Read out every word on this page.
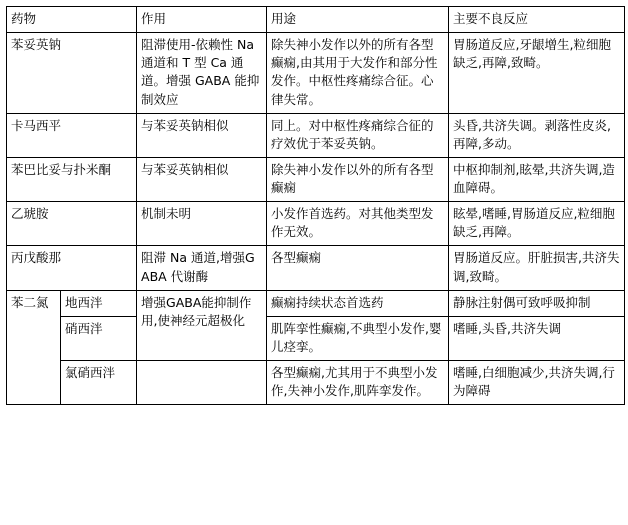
药物		作用	用途	主要不良反应
苯妥英钠		阻滞使用-依赖性 Na 通道和 T 型 Ca 通道。增强 GABA 能抑制效应	除失神小发作以外的所有各型癫痫,由其用于大发作和部分性发作。中枢性疼痛综合征。心律失常。	胃肠道反应,牙龈增生,粒细胞缺乏,再障,致畸。
卡马西平		与苯妥英钠相似	同上。对中枢性疼痛综合征的疗效优于苯妥英钠。	头昏,共济失调。剥落性皮炎,再障,多动。
苯巴比妥与扑米酮		与苯妥英钠相似	除失神小发作以外的所有各型癫痫	中枢抑制剂,眩晕,共济失调,造血障碍。
乙琥胺		机制未明	小发作首选药。对其他类型发作无效。	眩晕,嗜睡,胃肠道反应,粒细胞缺乏,再障。
丙戊酸那		阻滞 Na 通道,增强GABA 代谢酶	各型癫痫	胃肠道反应。肝脏损害,共济失调,致畸。
苯二氮	地西泮	增强GABA能抑制作用,使神经元超极化	癫痫持续状态首选药	静脉注射偶可致呼吸抑制
	硝西泮		肌阵挛性癫痫,不典型小发作,婴儿痉挛。	嗜睡,头昏,共济失调
	氯硝西泮		各型癫痫,尤其用于不典型小发作,失神小发作,肌阵挛发作。	嗜睡,白细胞减少,共济失调,行为障碍
